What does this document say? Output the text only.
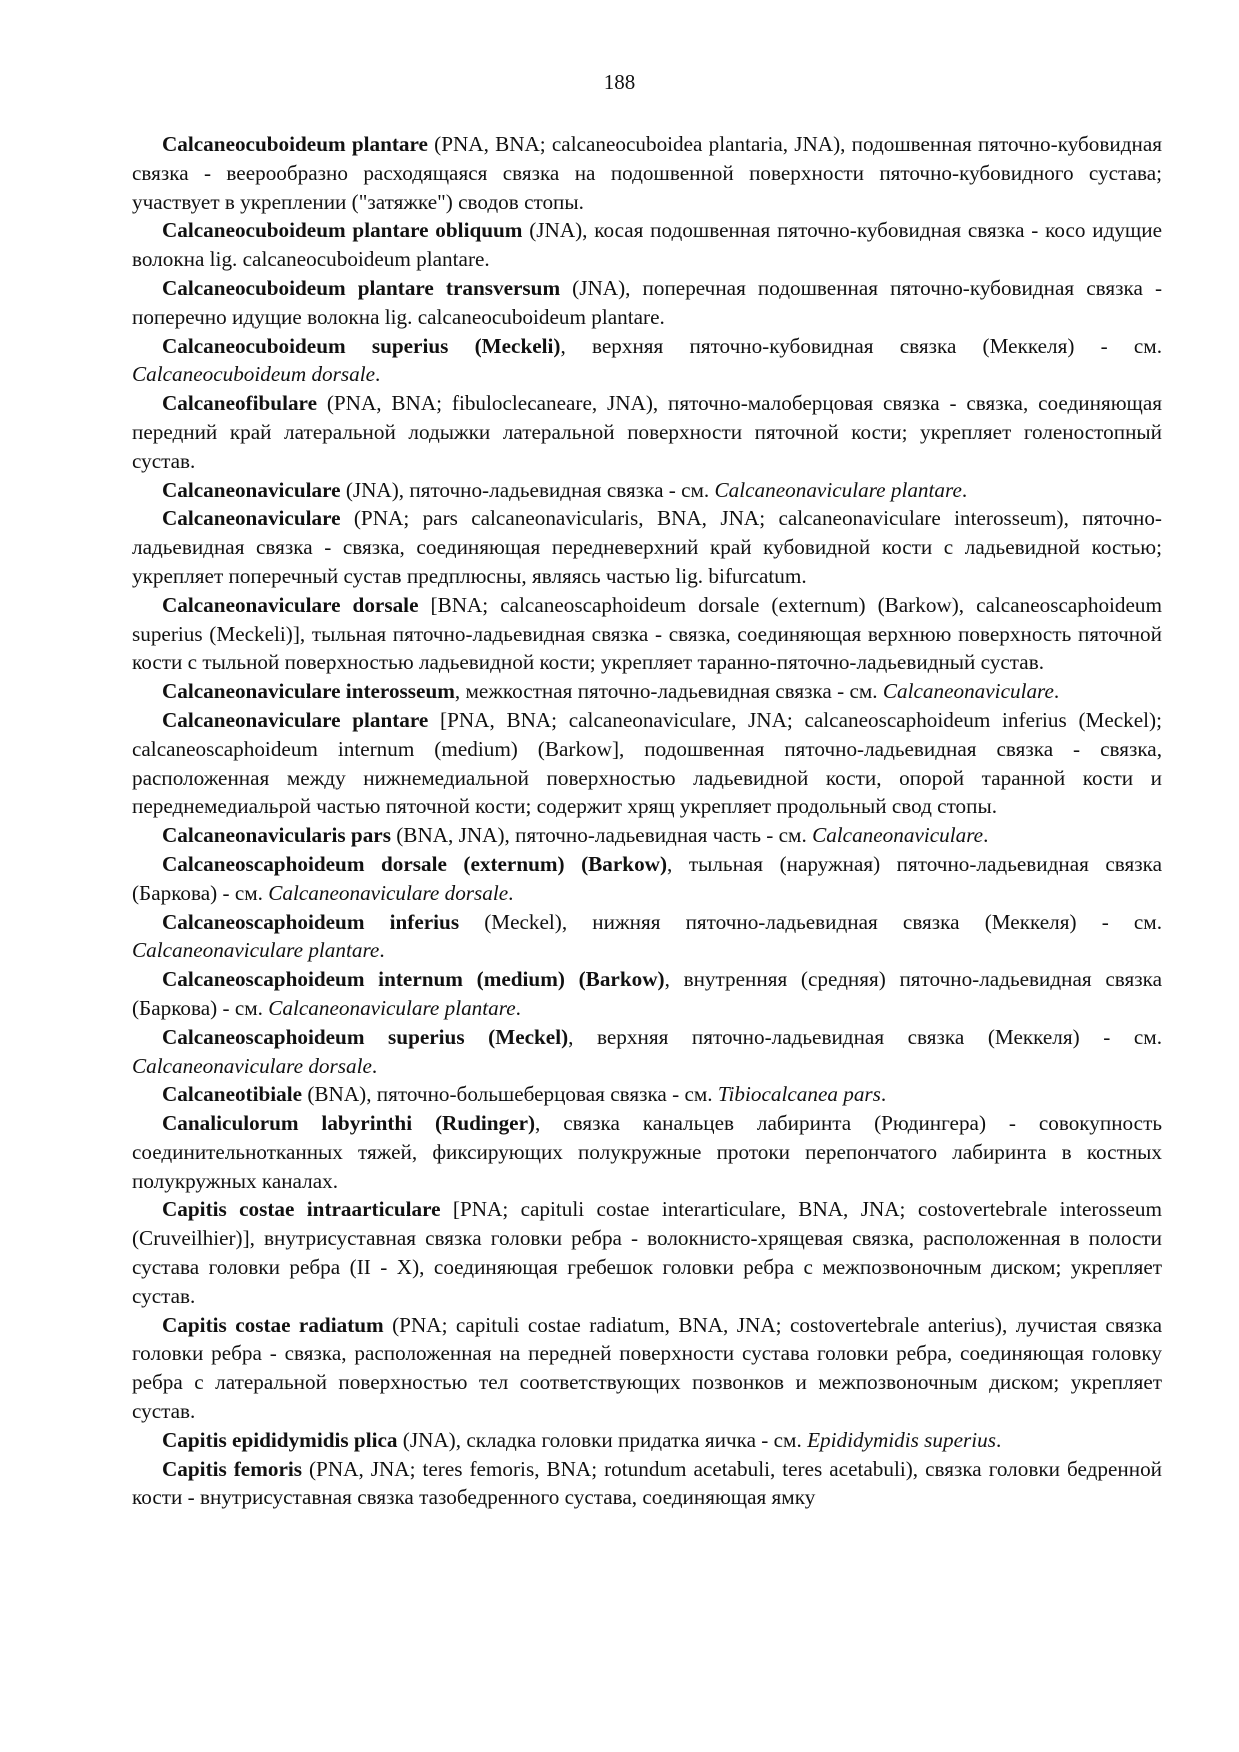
188

Calcaneocuboideum plantare (PNA, BNA; calcaneocuboidea plantaria, JNA), подошвенная пяточно-кубовидная связка - веерообразно расходящаяся связка на подошвенной поверхности пяточно-кубовидного сустава; участвует в укреплении ("затяжке") сводов стопы.

Calcaneocuboideum plantare obliquum (JNA), косая подошвенная пяточно-кубовидная связка - косо идущие волокна lig. calcaneocuboideum plantare.

Calcaneocuboideum plantare transversum (JNA), поперечная подошвенная пяточно-кубовидная связка - поперечно идущие волокна lig. calcaneocuboideum plantare.

Calcaneocuboideum superius (Meckeli), верхняя пяточно-кубовидная связка (Меккеля) - см. Calcaneocuboideum dorsale.

Calcaneofibulare (PNA, BNA; fibuloclecaneare, JNA), пяточно-малоберцовая связка - связка, соединяющая передний край латеральной лодыжки латеральной поверхности пяточной кости; укрепляет голеностопный сустав.

Calcaneonaviculare (JNA), пяточно-ладьевидная связка - см. Calcaneonaviculare plantare.

Calcaneonaviculare (PNA; pars calcaneonavicularis, BNA, JNA; calcaneonaviculare interosseum), пяточно-ладьевидная связка - связка, соединяющая передневерхний край кубовидной кости с ладьевидной костью; укрепляет поперечный сустав предплюсны, являясь частью lig. bifurcatum.

Calcaneonaviculare dorsale [BNA; calcaneoscaphoideum dorsale (externum) (Barkow), calcaneoscaphoideum superius (Meckeli)], тыльная пяточно-ладьевидная связка - связка, соединяющая верхнюю поверхность пяточной кости с тыльной поверхностью ладьевидной кости; укрепляет таранно-пяточно-ладьевидный сустав.

Calcaneonaviculare interosseum, межкостная пяточно-ладьевидная связка - см. Calcaneonaviculare.

Calcaneonaviculare plantare [PNA, BNA; calcaneonaviculare, JNA; calcaneoscaphoideum inferius (Meckel); calcaneoscaphoideum internum (medium) (Barkow], подошвенная пяточно-ладьевидная связка - связка, расположенная между нижнемедиальной поверхностью ладьевидной кости, опорой таранной кости и переднемедиальрой частью пяточной кости; содержит хрящ укрепляет продольный свод стопы.

Calcaneonavicularis pars (BNA, JNA), пяточно-ладьевидная часть - см. Calcaneonaviculare.

Calcaneoscaphoideum dorsale (externum) (Barkow), тыльная (наружная) пяточно-ладьевидная связка (Баркова) - см. Calcaneonaviculare dorsale.

Calcaneoscaphoideum inferius (Meckel), нижняя пяточно-ладьевидная связка (Меккеля) - см. Calcaneonaviculare plantare.

Calcaneoscaphoideum internum (medium) (Barkow), внутренняя (средняя) пяточно-ладьевидная связка (Баркова) - см. Calcaneonaviculare plantare.

Calcaneoscaphoideum superius (Meckel), верхняя пяточно-ладьевидная связка (Меккеля) - см. Calcaneonaviculare dorsale.

Calcaneotibiale (BNA), пяточно-большеберцовая связка - см. Tibiocalcanea pars.

Canaliculorum labyrinthi (Rudinger), связка канальцев лабиринта (Рюдингера) - совокупность соединительнотканных тяжей, фиксирующих полукружные протоки перепончатого лабиринта в костных полукружных каналах.

Capitis costae intraarticulare [PNA; capituli costae interarticulare, BNA, JNA; costovertebrale interosseum (Cruveilhier)], внутрисуставная связка головки ребра - волокнисто-хрящевая связка, расположенная в полости сустава головки ребра (II - X), соединяющая гребешок головки ребра с межпозвоночным диском; укрепляет сустав.

Capitis costae radiatum (PNA; capituli costae radiatum, BNA, JNA; costovertebrale anterius), лучистая связка головки ребра - связка, расположенная на передней поверхности сустава головки ребра, соединяющая головку ребра с латеральной поверхностью тел соответствующих позвонков и межпозвоночным диском; укрепляет сустав.

Capitis epididymidis plica (JNA), складка головки придатка яичка - см. Epididymidis superius.

Capitis femoris (PNA, JNA; teres femoris, BNA; rotundum acetabuli, teres acetabuli), связка головки бедренной кости - внутрисуставная связка тазобедренного сустава, соединяющая ямку
